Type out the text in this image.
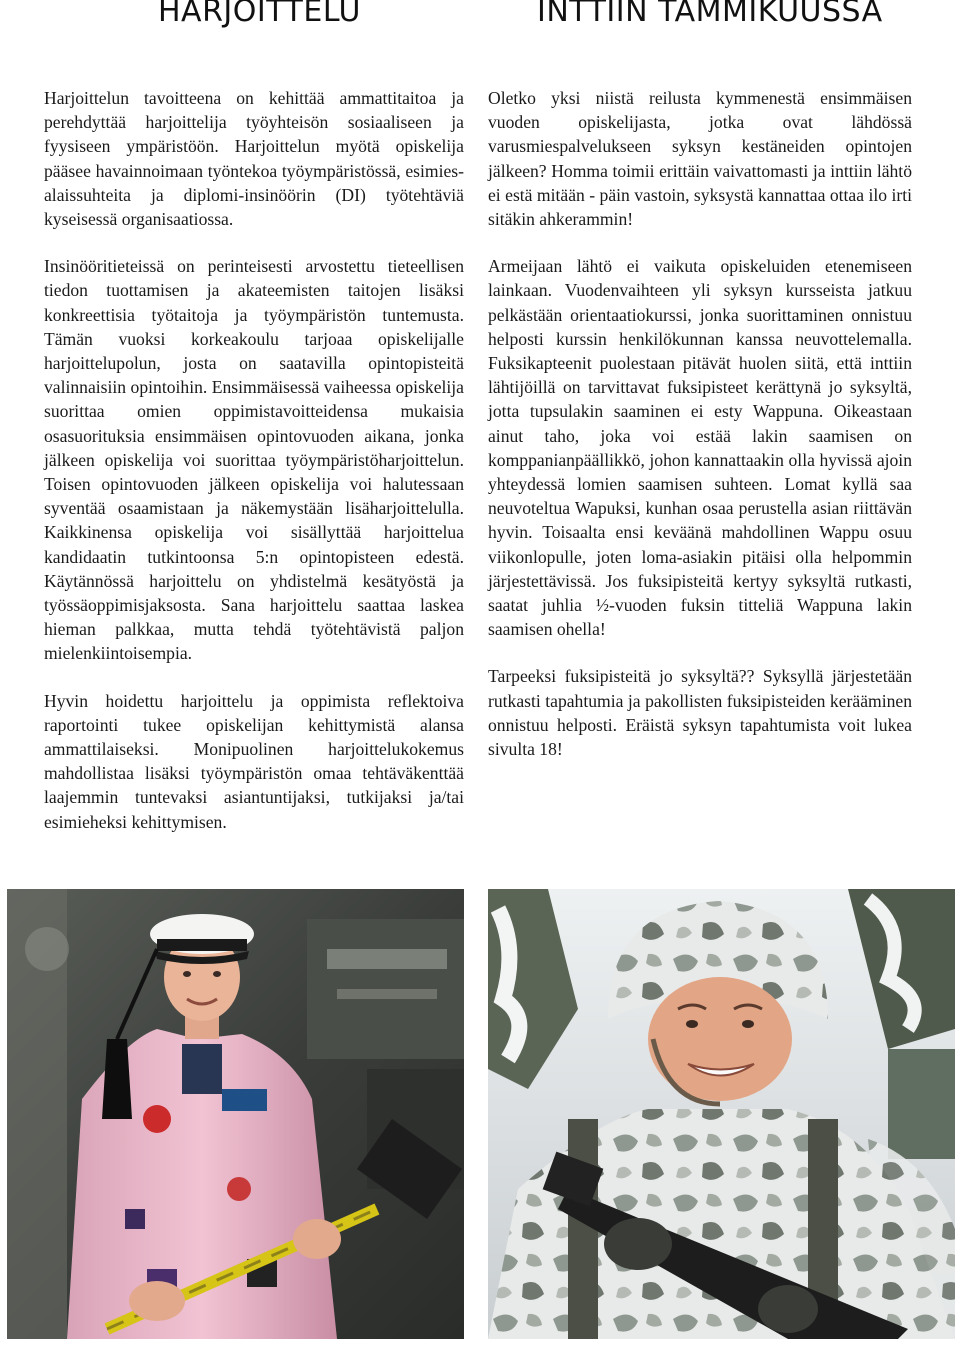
HARJOITTELU	INTTIIN TAMMIKUUSSA

Harjoittelun tavoitteena on kehittää ammattitaitoa ja perehdyttää harjoittelija työyhteisön sosiaaliseen ja fyysiseen ympäristöön. Harjoittelun myötä opiskelija pääsee havainnoimaan työntekoa työympäristössä, esimies-alaissuhteita ja diplomi-insinöörin (DI) työtehtäviä kyseisessä organisaatiossa.

Insinööritieteissä on perinteisesti arvostettu tieteellisen tiedon tuottamisen ja akateemisten taitojen lisäksi konkreettisia työtaitoja ja työympäristön tuntemusta. Tämän vuoksi korkeakoulu tarjoaa opiskelijalle harjoittelupolun, josta on saatavilla opintopisteitä valinnaisiin opintoihin. Ensimmäisessä vaiheessa opiskelija suorittaa omien oppimistavoitteidensa mukaisia osasuorituksia ensimmäisen opintovuoden aikana, jonka jälkeen opiskelija voi suorittaa työympäristöharjoittelun. Toisen opintovuoden jälkeen opiskelija voi halutessaan syventää osaamistaan ja näkemystään lisäharjoittelulla. Kaikkinensa opiskelija voi sisällyttää harjoittelua kandidaatin tutkintoonsa 5:n opintopisteen edestä. Käytännössä harjoittelu on yhdistelmä kesätyöstä ja työssäoppimisjaksosta. Sana harjoittelu saattaa laskea hieman palkkaa, mutta tehdä työtehtävistä paljon mielenkiintoisempia.

Hyvin hoidettu harjoittelu ja oppimista reflektoiva raportointi tukee opiskelijan kehittymistä alansa ammattilaiseksi. Monipuolinen harjoittelukokemus mahdollistaa lisäksi työympäristön omaa tehtäväkenttää laajemmin tuntevaksi asiantuntijaksi, tutkijaksi ja/tai esimieheksi kehittymisen.

Oletko yksi niistä reilusta kymmenestä ensimmäisen vuoden opiskelijasta, jotka ovat lähdössä varusmiespalvelukseen syksyn kestäneiden opintojen jälkeen? Homma toimii erittäin vaivattomasti ja inttiin lähtö ei estä mitään - päin vastoin, syksystä kannattaa ottaa ilo irti sitäkin ahkerammin!

Armeijaan lähtö ei vaikuta opiskeluiden etenemiseen lainkaan. Vuodenvaihteen yli syksyn kursseista jatkuu pelkästään orientaatiokurssi, jonka suorittaminen onnistuu helposti kurssin henkilökunnan kanssa neuvottelemalla. Fuksikapteenit puolestaan pitävät huolen siitä, että inttiin lähtijöillä on tarvittavat fuksipisteet kerättynä jo syksyltä, jotta tupsulakin saaminen ei esty Wappuna. Oikeastaan ainut taho, joka voi estää lakin saamisen on komppanianpäällikkö, johon kannattaakin olla hyvissä ajoin yhteydessä lomien saamisen suhteen. Lomat kyllä saa neuvoteltua Wapuksi, kunhan osaa perustella asian riittävän hyvin. Toisaalta ensi keväänä mahdollinen Wappu osuu viikonlopulle, joten loma-asiakin pitäisi olla helpommin järjestettävissä. Jos fuksipisteitä kertyy syksyltä rutkasti, saatat juhlia ½-vuoden fuksin titteliä Wappuna lakin saamisen ohella!

Tarpeeksi fuksipisteitä jo syksyltä?? Syksyllä järjestetään rutkasti tapahtumia ja pakollisten fuksipisteiden kerääminen onnistuu helposti. Eräistä syksyn tapahtumista voit lukea sivulta 18!
